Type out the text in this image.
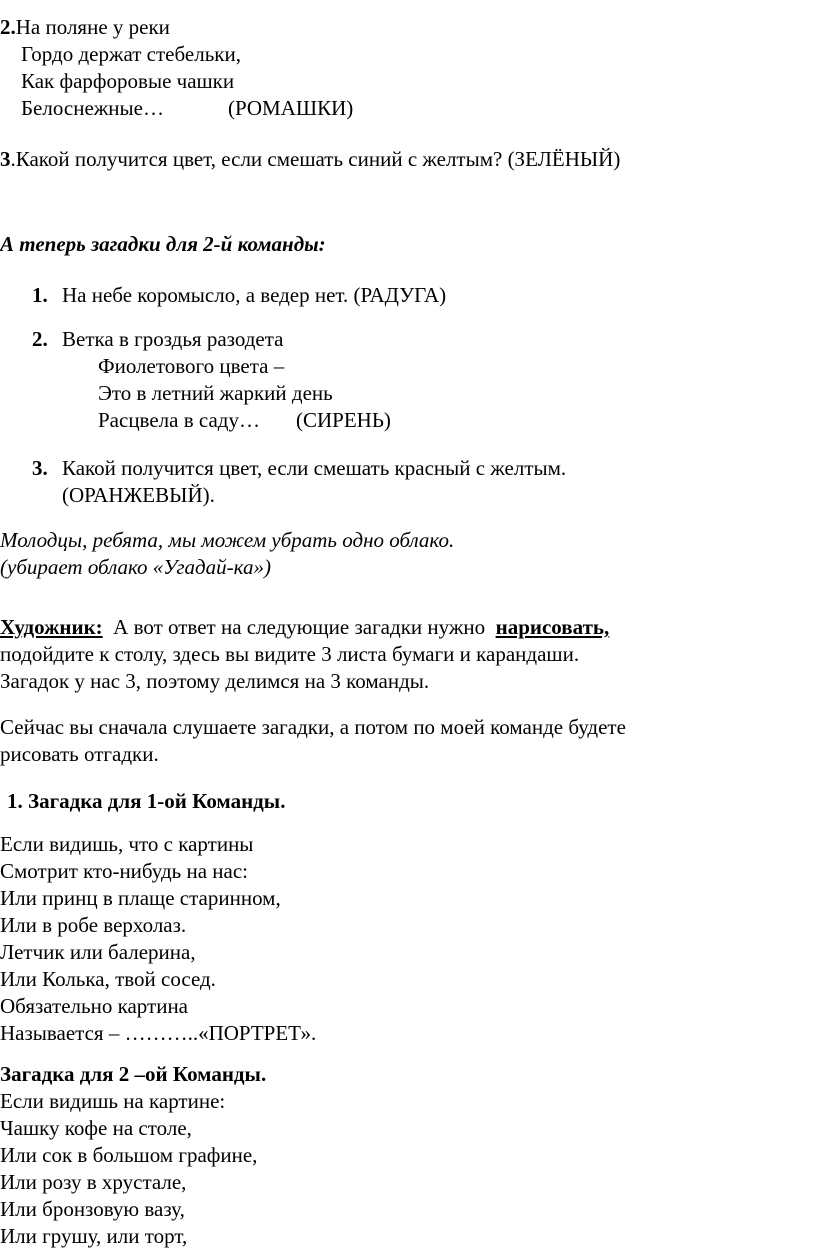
2.На поляне у реки
Гордо держат стебельки,
Как фарфоровые чашки
Белоснежные…	(РОМАШКИ)
3.Какой получится цвет, если смешать синий с желтым? (ЗЕЛЁНЫЙ)
А теперь загадки для 2-й команды:
1. На небе коромысло, а ведер нет. (РАДУГА)
2. Ветка в гроздья разодета
Фиолетового цвета –
Это в летний жаркий день
Расцвела в саду… (СИРЕНЬ)
3. Какой получится цвет, если смешать красный с желтым.
(ОРАНЖЕВЫЙ).
Молодцы, ребята, мы можем убрать одно облако.
(убирает облако «Угадай-ка»)
Художник: А вот ответ на следующие загадки нужно нарисовать,
подойдите к столу, здесь вы видите 3 листа бумаги и карандаши.
Загадок у нас 3, поэтому делимся на 3 команды.
Сейчас вы сначала слушаете загадки, а потом по моей команде будете
рисовать отгадки.
1. Загадка для 1-ой Команды.
Если видишь, что с картины
Смотрит кто-нибудь на нас:
Или принц в плаще старинном,
Или в робе верхолаз.
Летчик или балерина,
Или Колька, твой сосед.
Обязательно картина
Называется – ………..«ПОРТРЕТ».
Загадка для 2 –ой Команды.
Если видишь на картине:
Чашку кофе на столе,
Или сок в большом графине,
Или розу в хрустале,
Или бронзовую вазу,
Или грушу, или торт,
